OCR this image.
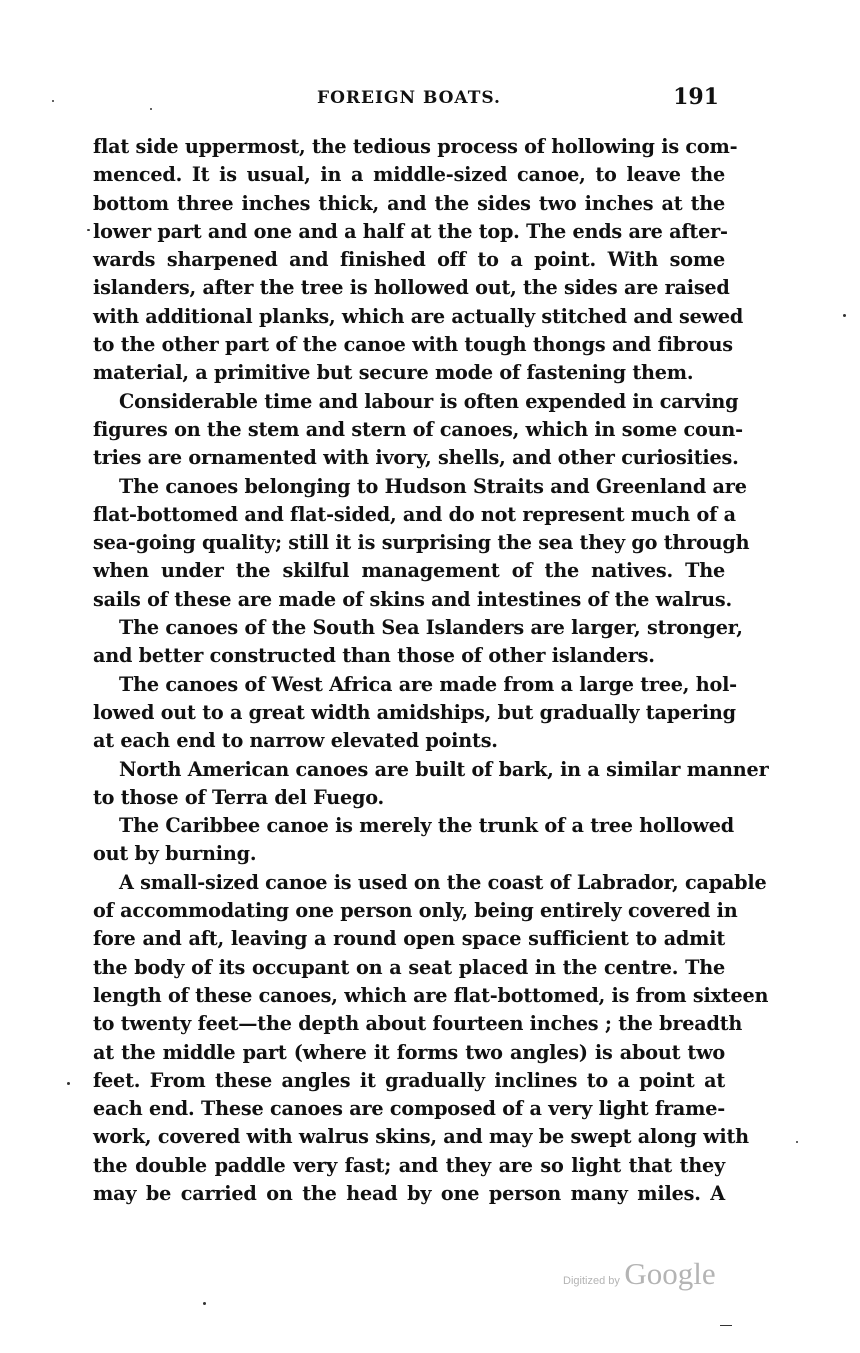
FOREIGN BOATS.	191
flat side uppermost, the tedious process of hollowing is com-
menced. It is usual, in a middle-sized canoe, to leave the
bottom three inches thick, and the sides two inches at the
lower part and one and a half at the top. The ends are after-
wards sharpened and finished off to a point. With some
islanders, after the tree is hollowed out, the sides are raised
with additional planks, which are actually stitched and sewed
to the other part of the canoe with tough thongs and fibrous
material, a primitive but secure mode of fastening them.
Considerable time and labour is often expended in carving
figures on the stem and stern of canoes, which in some coun-
tries are ornamented with ivory, shells, and other curiosities.
The canoes belonging to Hudson Straits and Greenland are
flat-bottomed and flat-sided, and do not represent much of a
sea-going quality; still it is surprising the sea they go through
when under the skilful management of the natives. The
sails of these are made of skins and intestines of the walrus.
The canoes of the South Sea Islanders are larger, stronger,
and better constructed than those of other islanders.
The canoes of West Africa are made from a large tree, hol-
lowed out to a great width amidships, but gradually tapering
at each end to narrow elevated points.
North American canoes are built of bark, in a similar manner
to those of Terra del Fuego.
The Caribbee canoe is merely the trunk of a tree hollowed
out by burning.
A small-sized canoe is used on the coast of Labrador, capable
of accommodating one person only, being entirely covered in
fore and aft, leaving a round open space sufficient to admit
the body of its occupant on a seat placed in the centre. The
length of these canoes, which are flat-bottomed, is from sixteen
to twenty feet—the depth about fourteen inches ; the breadth
at the middle part (where it forms two angles) is about two
feet. From these angles it gradually inclines to a point at
each end. These canoes are composed of a very light frame-
work, covered with walrus skins, and may be swept along with
the double paddle very fast; and they are so light that they
may be carried on the head by one person many miles. A
Digitized by Google
